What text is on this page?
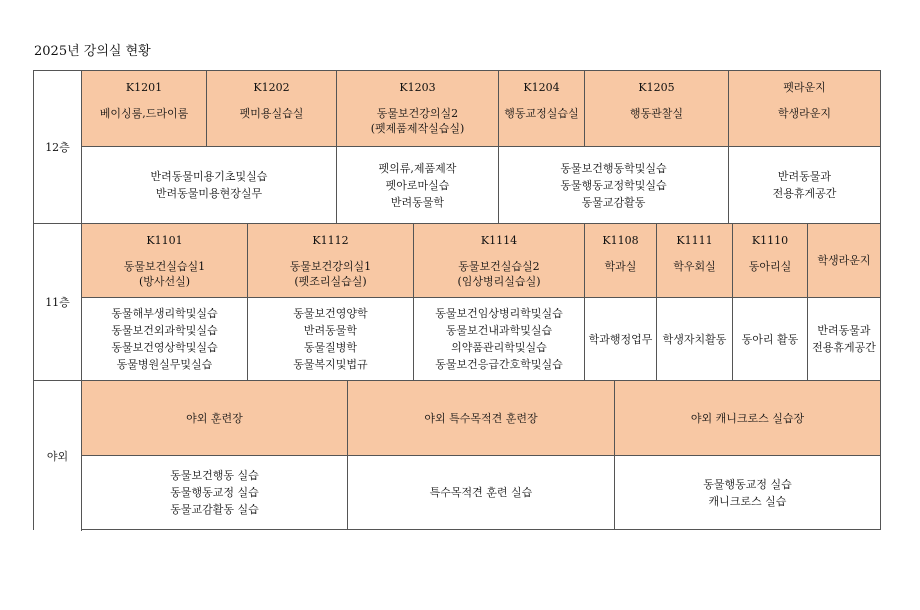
2025년 강의실 현황
12층
11층
야외
K1201
베이싱룸,드라이룸
K1202
펫미용실습실
K1203
동물보건강의실2
(펫제품제작실습실)
K1204
행동교정실습실
K1205
행동관찰실
펫라운지
학생라운지
반려동물미용기초및실습
반려동물미용현장실무
펫의류,제품제작
펫아로마실습
반려동물학
동물보건행동학및실습
동물행동교정학및실습
동물교감활동
반려동물과
전용휴게공간
K1101
동물보건실습실1
(방사선실)
K1112
동물보건강의실1
(펫조리실습실)
K1114
동물보건실습실2
(임상병리실습실)
K1108
학과실
K1111
학우회실
K1110
동아리실 학생라운지
동물해부생리학및실습
동물보건외과학및실습
동물보건영상학및실습
동물병원실무및실습
동물보건영양학
반려동물학
동물질병학
동물복지및법규
동물보건임상병리학및실습
동물보건내과학및실습
의약품관리학및실습
동물보건응급간호학및실습
학과행정업무 학생자치활동 동아리 활동
반려동물과
전용휴게공간
야외 훈련장	야외 특수목적견 훈련장	야외 캐니크로스 실습장
동물보건행동 실습
동물행동교정 실습
동물교감활동 실습
특수목적견 훈련 실습
동물행동교정 실습
캐니크로스 실습
